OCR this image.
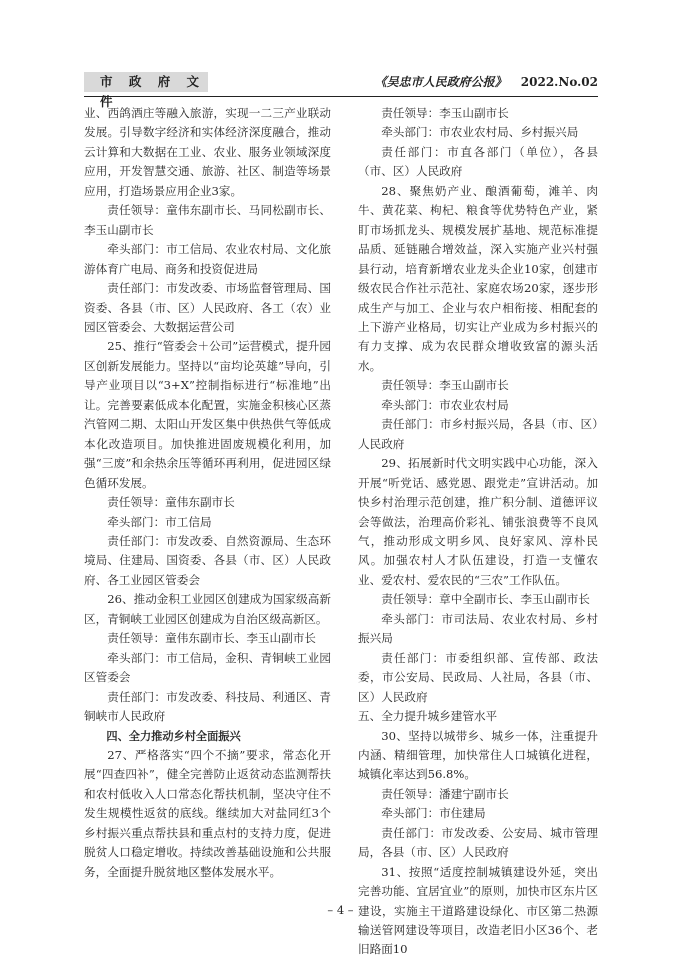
市 政 府 文 件
《吴忠市人民政府公报》 2022.No.02

业、西鸽酒庄等融入旅游，实现一二三产业联动发展。引导数字经济和实体经济深度融合，推动云计算和大数据在工业、农业、服务业领域深度应用，开发智慧交通、旅游、社区、制造等场景应用，打造场景应用企业3家。

责任领导：童伟东副市长、马同松副市长、李玉山副市长

牵头部门：市工信局、农业农村局、文化旅游体育广电局、商务和投资促进局

责任部门：市发改委、市场监督管理局、国资委、各县（市、区）人民政府、各工（农）业园区管委会、大数据运营公司

25、推行“管委会＋公司”运营模式，提升园区创新发展能力。坚持以“亩均论英雄”导向，引导产业项目以“3+X”控制指标进行“标准地”出让。完善要素低成本化配置，实施金积核心区蒸汽管网二期、太阳山开发区集中供热供气等低成本化改造项目。加快推进固废规模化利用，加强“三废”和余热余压等循环再利用，促进园区绿色循环发展。

责任领导：童伟东副市长

牵头部门：市工信局

责任部门：市发改委、自然资源局、生态环境局、住建局、国资委、各县（市、区）人民政府、各工业园区管委会

26、推动金积工业园区创建成为国家级高新区，青铜峡工业园区创建成为自治区级高新区。

责任领导：童伟东副市长、李玉山副市长

牵头部门：市工信局，金积、青铜峡工业园区管委会

责任部门：市发改委、科技局、利通区、青铜峡市人民政府

四、全力推动乡村全面振兴

27、严格落实“四个不摘”要求，常态化开展“四查四补”，健全完善防止返贫动态监测帮扶和农村低收入人口常态化帮扶机制，坚决守住不发生规模性返贫的底线。继续加大对盐同红3个乡村振兴重点帮扶县和重点村的支持力度，促进脱贫人口稳定增收。持续改善基础设施和公共服务，全面提升脱贫地区整体发展水平。

责任领导：李玉山副市长

牵头部门：市农业农村局、乡村振兴局

责任部门：市直各部门（单位），各县（市、区）人民政府

28、聚焦奶产业、酿酒葡萄，滩羊、肉牛、黄花菜、枸杞、粮食等优势特色产业，紧盯市场抓龙头、规模发展扩基地、规范标准提品质、延链融合增效益，深入实施产业兴村强县行动，培育新增农业龙头企业10家，创建市级农民合作社示范社、家庭农场20家，逐步形成生产与加工、企业与农户相衔接、相配套的上下游产业格局，切实让产业成为乡村振兴的有力支撑、成为农民群众增收致富的源头活水。

责任领导：李玉山副市长

牵头部门：市农业农村局

责任部门：市乡村振兴局，各县（市、区）人民政府

29、拓展新时代文明实践中心功能，深入开展“听党话、感党恩、跟党走”宣讲活动。加快乡村治理示范创建，推广积分制、道德评议会等做法，治理高价彩礼、铺张浪费等不良风气，推动形成文明乡风、良好家风、淳朴民风。加强农村人才队伍建设，打造一支懂农业、爱农村、爱农民的“三农”工作队伍。

责任领导：章中全副市长、李玉山副市长

牵头部门：市司法局、农业农村局、乡村振兴局

责任部门：市委组织部、宣传部、政法委，市公安局、民政局、人社局，各县（市、区）人民政府

五、全力提升城乡建管水平

30、坚持以城带乡、城乡一体，注重提升内涵、精细管理，加快常住人口城镇化进程，城镇化率达到56.8%。

责任领导：潘建宁副市长

牵头部门：市住建局

责任部门：市发改委、公安局、城市管理局，各县（市、区）人民政府

31、按照“适度控制城镇建设外延，突出完善功能、宜居宜业”的原则，加快市区东片区建设，实施主干道路建设绿化、市区第二热源输送管网建设等项目，改造老旧小区36个、老旧路面10

– 4 –
